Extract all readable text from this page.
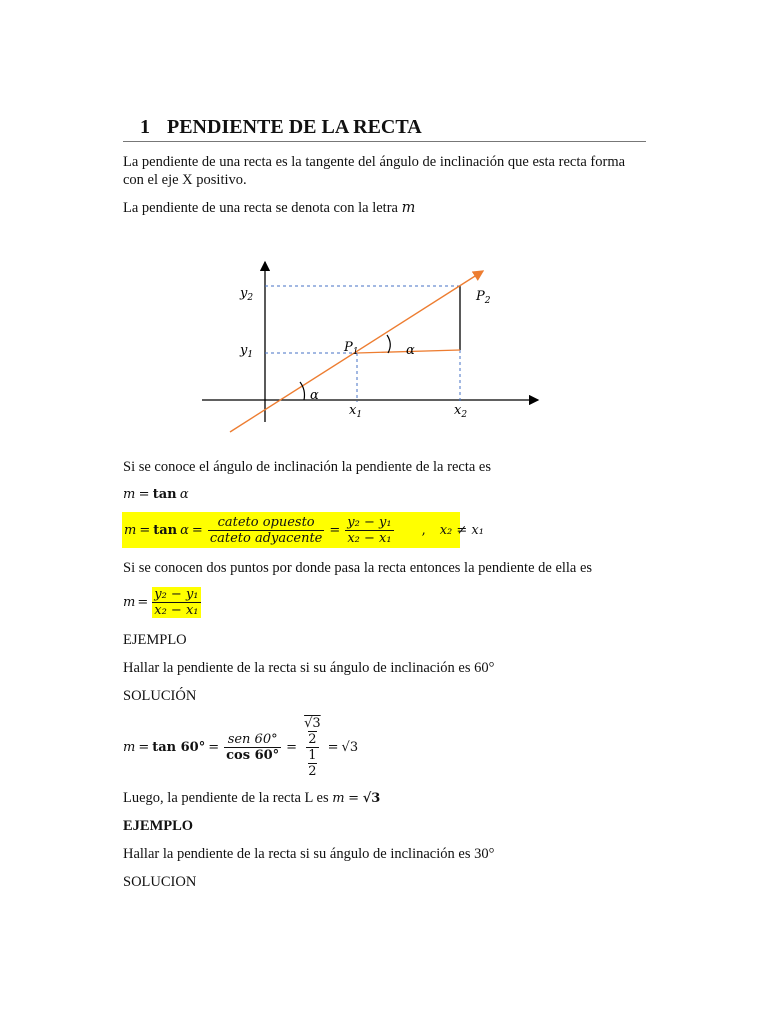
1 PENDIENTE DE LA RECTA
La pendiente de una recta es la tangente del ángulo de inclinación que esta recta forma con el eje X positivo.
La pendiente de una recta se denota con la letra m
$y_2$
$y_1$	$P_1$
$P_2$
α
α
$x_1$	$x_2$
Si se conoce el ángulo de inclinación la pendiente de la recta es
m = tan α
$m = \tan \alpha = \frac{\text{cateto opuesto}}{\text{cateto adyacente}} = \frac{\text{y₂ − y₁}}{\text{x₂ − x₁}}$ , x₂ ≠ x₁
Si se conocen dos puntos por donde pasa la recta entonces la pendiente de ella es
$m = \frac{\text{y₂ − y₁}}{\text{x₂ − x₁}}$
EJEMPLO
Hallar la pendiente de la recta si su ángulo de inclinación es 60°
SOLUCIÓN
$m = \tan 60^\circ = \frac{\text{sen 60°}}{\cos 60^\circ} = √3$
2
1
2 = √3
Luego, la pendiente de la recta L es m = √3
EJEMPLO
Hallar la pendiente de la recta si su ángulo de inclinación es 30°
SOLUCION
